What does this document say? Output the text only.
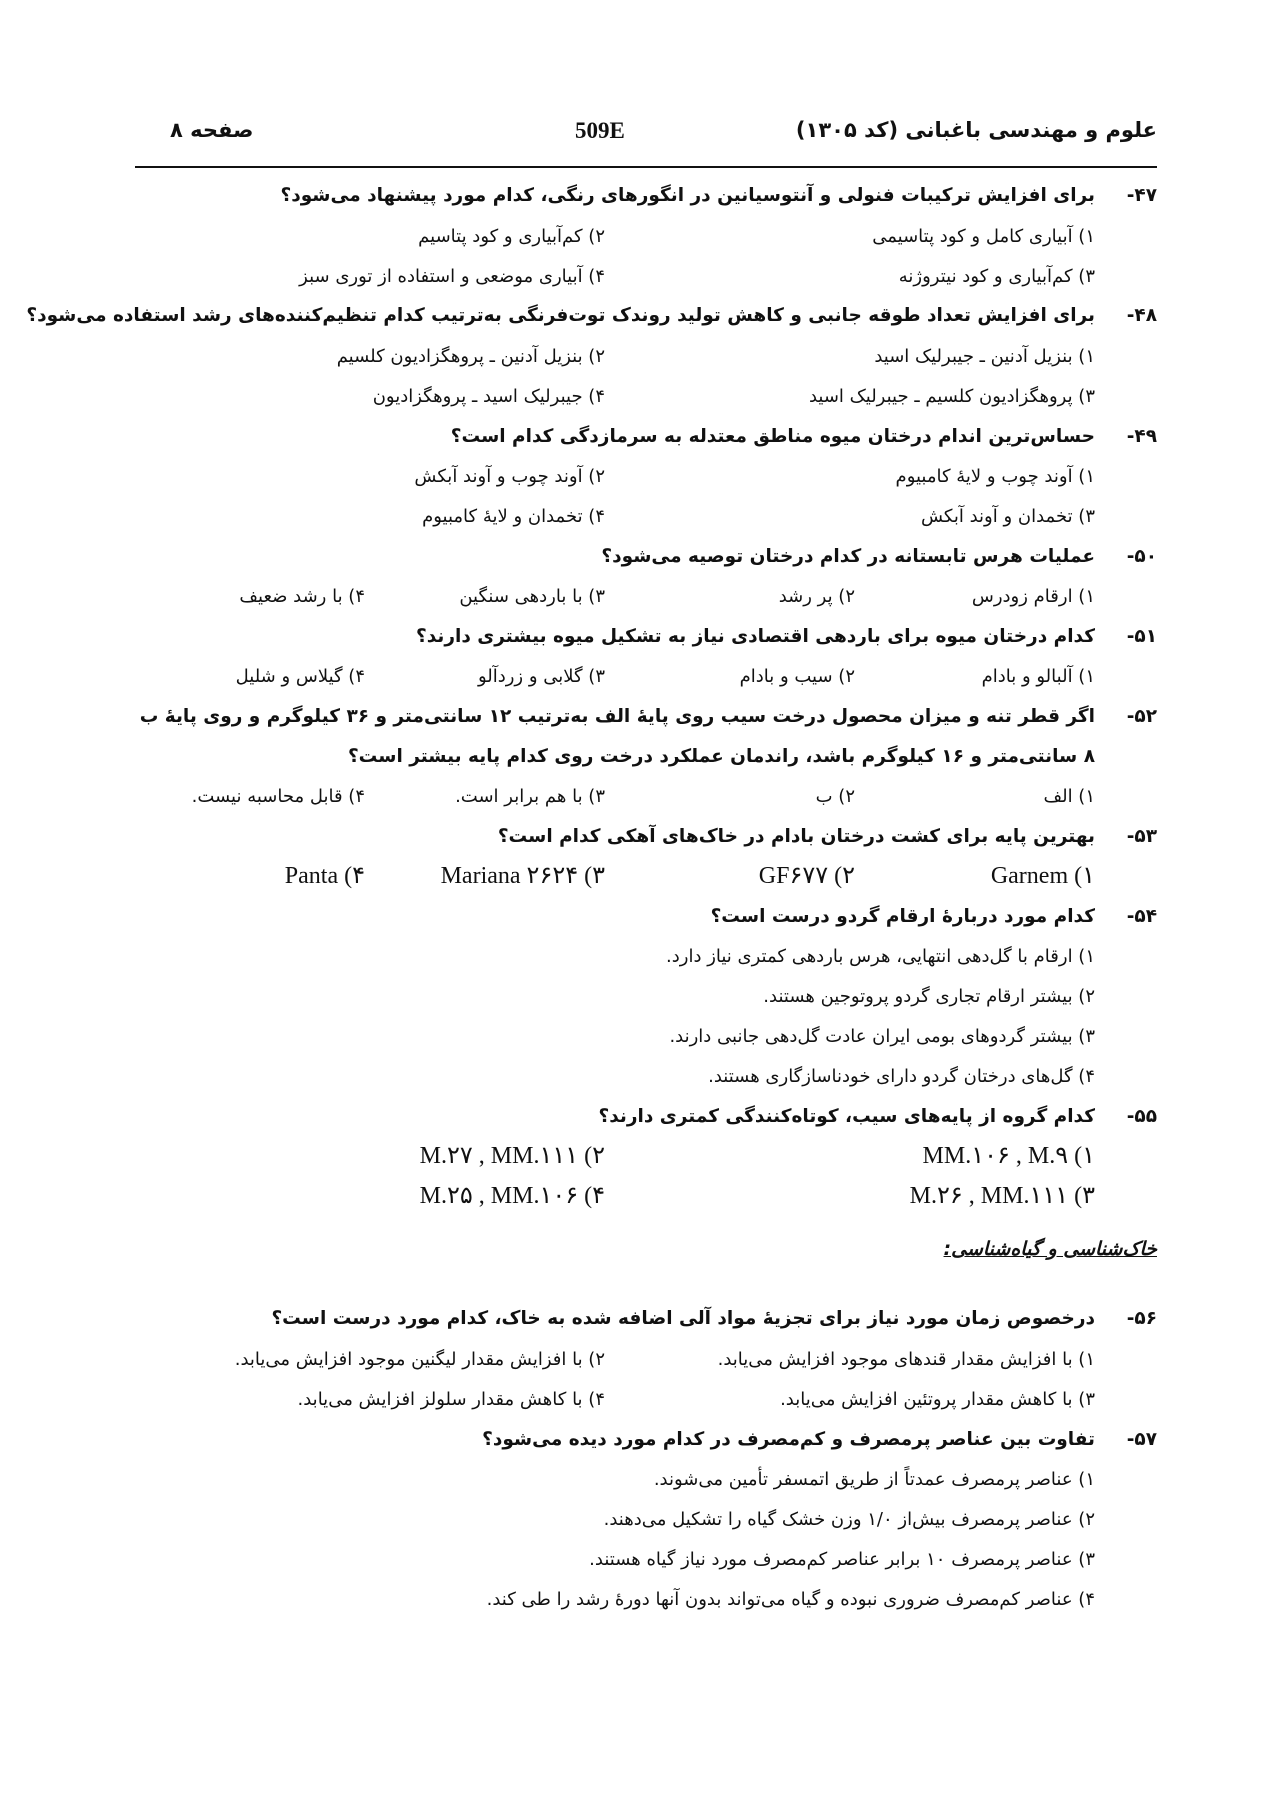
علوم و مهندسی باغبانی (کد ۱۳۰۵)
509E
صفحه ۸
۴۷-برای افزایش ترکیبات فنولی و آنتوسیانین در انگورهای رنگی، کدام مورد پیشنهاد می‌شود؟
۱) آبیاری کامل و کود پتاسیمی
۲) کم‌آبیاری و کود پتاسیم
۳) کم‌آبیاری و کود نیتروژنه
۴) آبیاری موضعی و استفاده از توری سبز
۴۸-برای افزایش تعداد طوقه جانبی و کاهش تولید روندک توت‌فرنگی به‌ترتیب کدام تنظیم‌کننده‌های رشد استفاده می‌شود؟
۱) بنزیل آدنین ـ جیبرلیک اسید
۲) بنزیل آدنین ـ پروهگزادیون کلسیم
۳) پروهگزادیون کلسیم ـ جیبرلیک اسید
۴) جیبرلیک اسید ـ پروهگزادیون
۴۹-حساس‌ترین اندام درختان میوه مناطق معتدله به سرمازدگی کدام است؟
۱) آوند چوب و لایهٔ کامبیوم
۲) آوند چوب و آوند آبکش
۳) تخمدان و آوند آبکش
۴) تخمدان و لایهٔ کامبیوم
۵۰-عملیات هرس تابستانه در کدام درختان توصیه می‌شود؟
۱) ارقام زودرس
۲) پر رشد
۳) با باردهی سنگین
۴) با رشد ضعیف
۵۱-کدام درختان میوه برای باردهی اقتصادی نیاز به تشکیل میوه بیشتری دارند؟
۱) آلبالو و بادام
۲) سیب و بادام
۳) گلابی و زردآلو
۴) گیلاس و شلیل
۵۲-اگر قطر تنه و میزان محصول درخت سیب روی پایهٔ الف به‌ترتیب ۱۲ سانتی‌متر و ۳۶ کیلوگرم و روی پایهٔ ب
۸ سانتی‌متر و ۱۶ کیلوگرم باشد، راندمان عملکرد درخت روی کدام پایه بیشتر است؟
۱) الف
۲) ب
۳) با هم برابر است.
۴) قابل محاسبه نیست.
۵۳-بهترین پایه برای کشت درختان بادام در خاک‌های آهکی کدام است؟
Garnem (۱
GF۶۷۷ (۲
Mariana ۲۶۲۴ (۳
Panta (۴
۵۴-کدام مورد دربارهٔ ارقام گردو درست است؟
۱) ارقام با گل‌دهی انتهایی، هرس باردهی کمتری نیاز دارد.
۲) بیشتر ارقام تجاری گردو پروتوجین هستند.
۳) بیشتر گردوهای بومی ایران عادت گل‌دهی جانبی دارند.
۴) گل‌های درختان گردو دارای خودناسازگاری هستند.
۵۵-کدام گروه از پایه‌های سیب، کوتاه‌کنندگی کمتری دارند؟
MM.۱۰۶ , M.۹ (۱
M.۲۷ , MM.۱۱۱ (۲
M.۲۶ , MM.۱۱۱ (۳
M.۲۵ , MM.۱۰۶ (۴
خاک‌شناسی و گیاه‌شناسی:
۵۶-درخصوص زمان مورد نیاز برای تجزیهٔ مواد آلی اضافه شده به خاک، کدام مورد درست است؟
۱) با افزایش مقدار قندهای موجود افزایش می‌یابد.
۲) با افزایش مقدار لیگنین موجود افزایش می‌یابد.
۳) با کاهش مقدار پروتئین افزایش می‌یابد.
۴) با کاهش مقدار سلولز افزایش می‌یابد.
۵۷-تفاوت بین عناصر پرمصرف و کم‌مصرف در کدام مورد دیده می‌شود؟
۱) عناصر پرمصرف عمدتاً از طریق اتمسفر تأمین می‌شوند.
۲) عناصر پرمصرف بیش‌از ۱/۰ وزن خشک گیاه را تشکیل می‌دهند.
۳) عناصر پرمصرف ۱۰ برابر عناصر کم‌مصرف مورد نیاز گیاه هستند.
۴) عناصر کم‌مصرف ضروری نبوده و گیاه می‌تواند بدون آنها دورهٔ رشد را طی کند.
